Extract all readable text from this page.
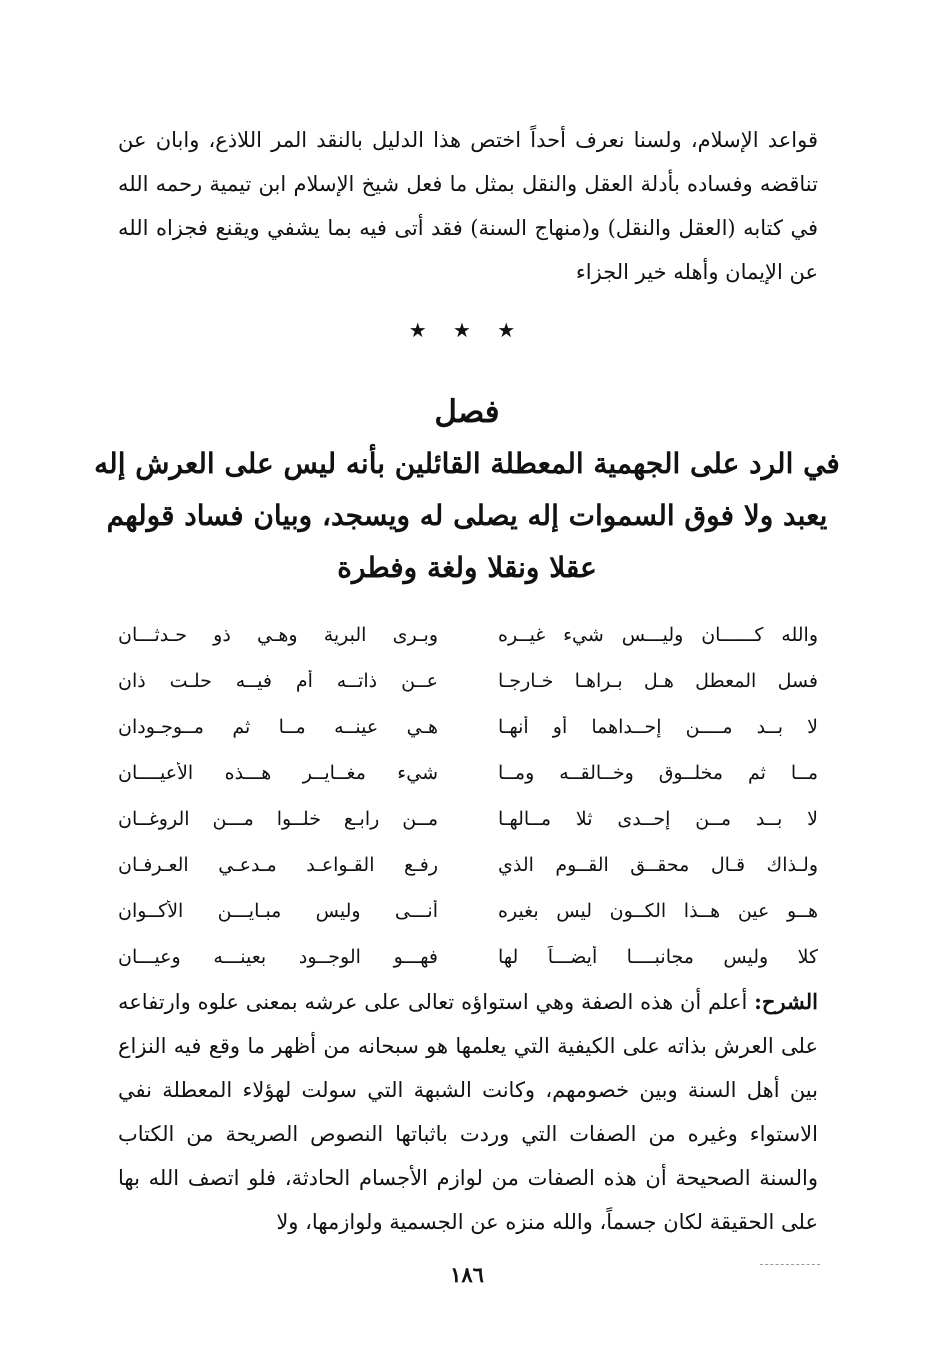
قواعد الإسلام، ولسنا نعرف أحداً اختص هذا الدليل بالنقد المر اللاذع، وابان عن تناقضه وفساده بأدلة العقل والنقل بمثل ما فعل شيخ الإسلام ابن تيمية رحمه الله في كتابه (العقل والنقل) و(منهاج السنة) فقد أتى فيه بما يشفي ويقنع فجزاه الله عن الإيمان وأهله خير الجزاء
★ ★ ★
فصل
في الرد على الجهمية المعطلة القائلين بأنه ليس على العرش إله يعبد ولا فوق السموات إله يصلى له ويسجد، وبيان فساد قولهم عقلا ونقلا ولغة وفطرة
والله كــــــان وليـــس شيء غيــره
وبـرى البرية وهـي ذو حـدثـــان
فسل المعطل هـل بـراهـا خـارجـا
عــن ذاتــه أم فيــه حلـت ذان
لا بــد مــــن إحــداهما أو أنهـا
هـي عينــه مــا ثم مــوجـودان
مــا ثم مخلــوق وخــالقــه ومــا
شيء مغــايــر هـــذه الأعيــــان
لا بــد مــن إحــدى ثلا مــالهـا
مــن رابـع خلــوا مـــن الروغــان
ولـذاك قـال محقــق القــوم الذي
رفـع القـواعـد مـدعـي العـرفـان
هــو عين هــذا الكــون ليس بغيره
أنـــى وليس مبـايـــن الأكــوان
كلا وليس مجانبــــا أيضـــاً لها
فهـــو الوجــود بعينـــه وعيـــان
الشرح: أعلم أن هذه الصفة وهي استواؤه تعالى على عرشه بمعنى علوه وارتفاعه على العرش بذاته على الكيفية التي يعلمها هو سبحانه من أظهر ما وقع فيه النزاع بين أهل السنة وبين خصومهم، وكانت الشبهة التي سولت لهؤلاء المعطلة نفي الاستواء وغيره من الصفات التي وردت باثباتها النصوص الصريحة من الكتاب والسنة الصحيحة أن هذه الصفات من لوازم الأجسام الحادثة، فلو اتصف الله بها على الحقيقة لكان جسماً، والله منزه عن الجسمية ولوازمها، ولا
١٨٦
